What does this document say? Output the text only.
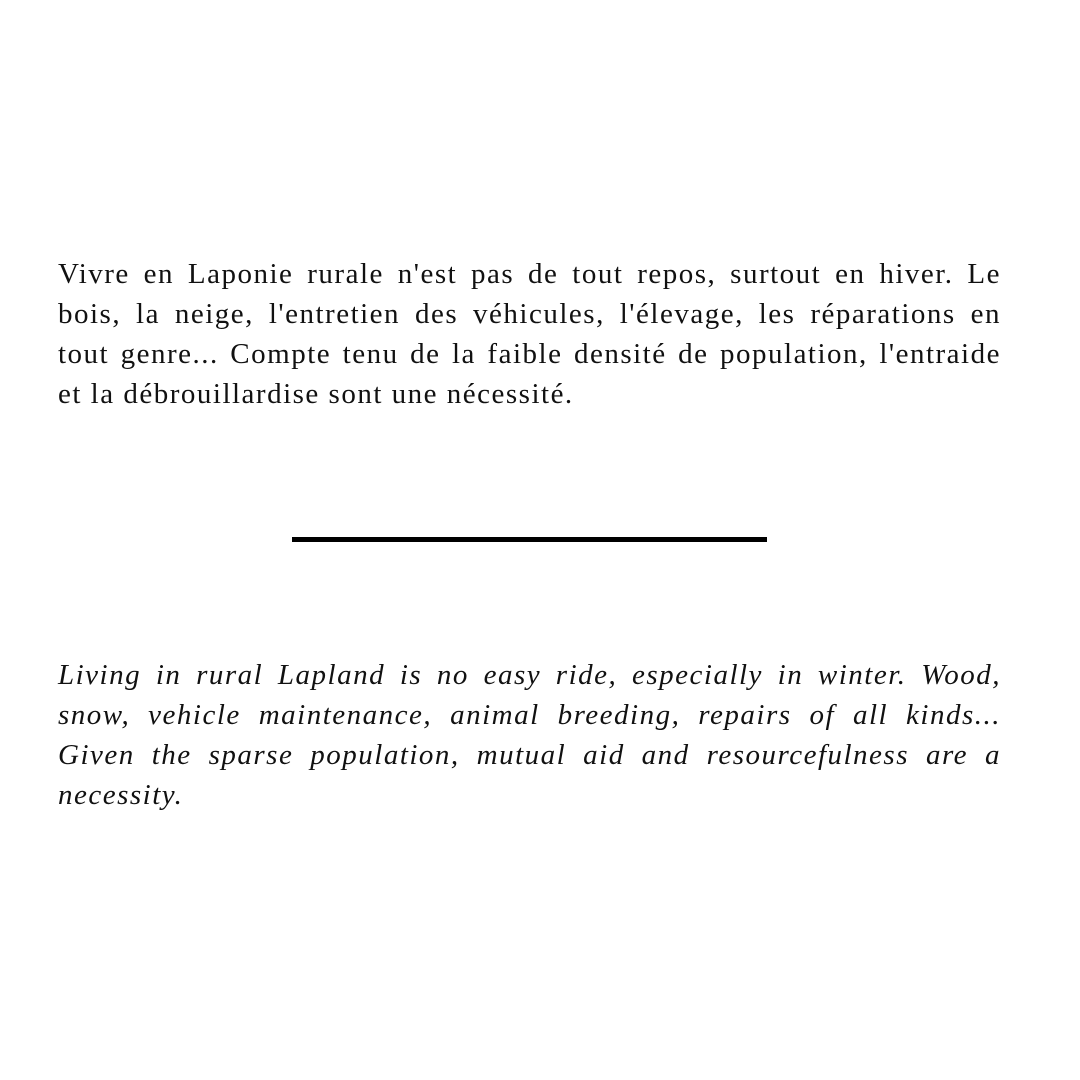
Vivre en Laponie rurale n'est pas de tout repos, surtout en hiver. Le bois, la neige, l'entretien des véhicules, l'élevage, les réparations en tout genre... Compte tenu de la faible densité de population, l'entraide et la débrouillardise sont une nécessité.

Living in rural Lapland is no easy ride, especially in winter. Wood, snow, vehicle maintenance, animal breeding, repairs of all kinds... Given the sparse population, mutual aid and resourcefulness are a necessity.
